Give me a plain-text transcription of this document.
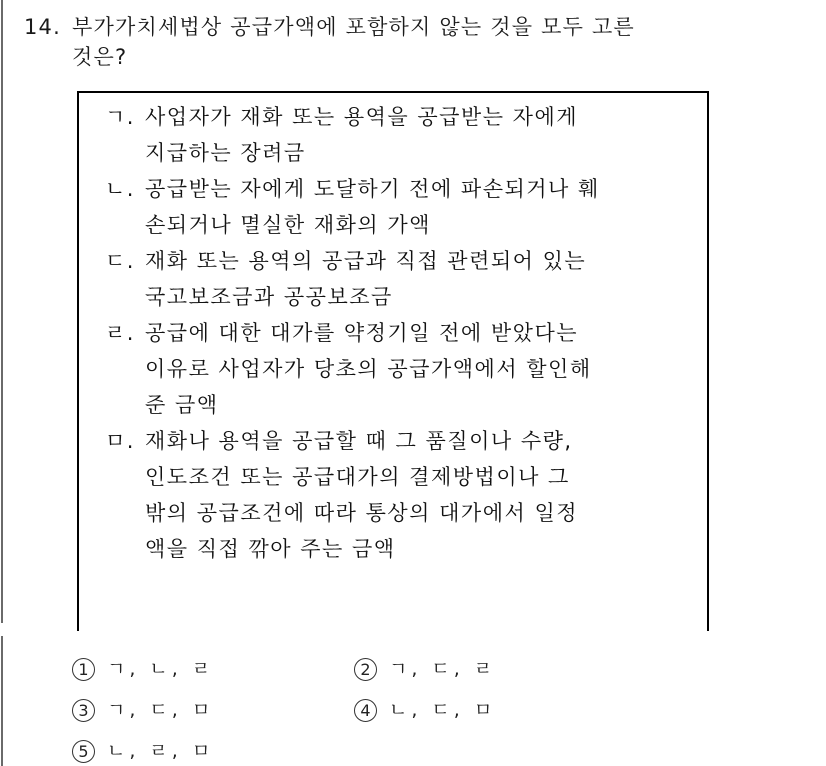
14. 부가가치세법상 공급가액에 포함하지 않는 것을 모두 고른
것은?
ㄱ. 사업자가 재화 또는 용역을 공급받는 자에게
지급하는 장려금
ㄴ. 공급받는 자에게 도달하기 전에 파손되거나 훼
손되거나 멸실한 재화의 가액
ㄷ. 재화 또는 용역의 공급과 직접 관련되어 있는
국고보조금과 공공보조금
ㄹ. 공급에 대한 대가를 약정기일 전에 받았다는
이유로 사업자가 당초의 공급가액에서 할인해
준 금액
ㅁ. 재화나 용역을 공급할 때 그 품질이나 수량,
인도조건 또는 공급대가의 결제방법이나 그
밖의 공급조건에 따라 통상의 대가에서 일정
액을 직접 깎아 주는 금액
1 ㄱ, ㄴ, ㄹ	2 ㄱ, ㄷ, ㄹ
3 ㄱ, ㄷ, ㅁ	4 ㄴ, ㄷ, ㅁ
5 ㄴ, ㄹ, ㅁ
